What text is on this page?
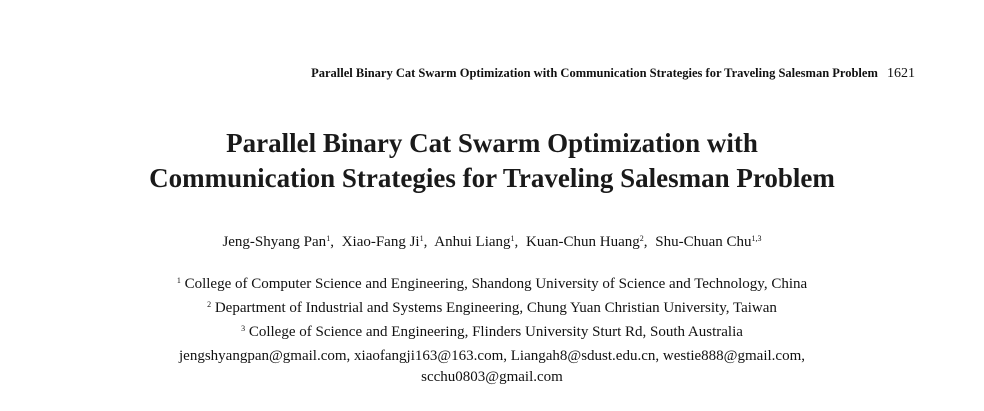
Parallel Binary Cat Swarm Optimization with Communication Strategies for Traveling Salesman Problem 1621
Parallel Binary Cat Swarm Optimization with
Communication Strategies for Traveling Salesman Problem
Jeng-Shyang Pan$^1$, Xiao-Fang Ji$^1$, Anhui Liang$^1$, Kuan-Chun Huang$^2$, Shu-Chuan Chu$^{1,3}$
$^1$ College of Computer Science and Engineering, Shandong University of Science and Technology, China
$^2$ Department of Industrial and Systems Engineering, Chung Yuan Christian University, Taiwan
$^3$ College of Science and Engineering, Flinders University Sturt Rd, South Australia
jengshyangpan@gmail.com, xiaofangji163@163.com, Liangah8@sdust.edu.cn, westie888@gmail.com,
scchu0803@gmail.com
